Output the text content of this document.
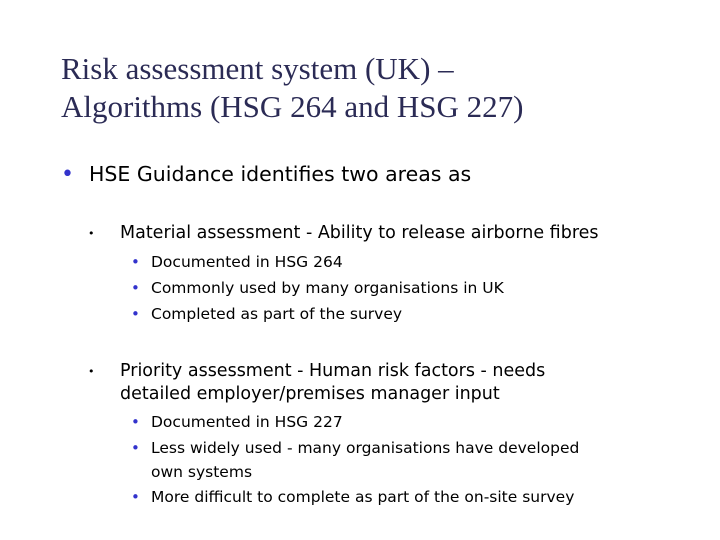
Risk assessment system (UK) –
Algorithms (HSG 264 and HSG 227)
• HSE Guidance identifies two areas as
•	Material assessment - Ability to release airborne fibres
• Documented in HSG 264
• Commonly used by many organisations in UK
• Completed as part of the survey
•	Priority assessment - Human risk factors - needs
detailed employer/premises manager input
• Documented in HSG 227
• Less widely used - many organisations have developed
own systems
• More difficult to complete as part of the on-site survey
